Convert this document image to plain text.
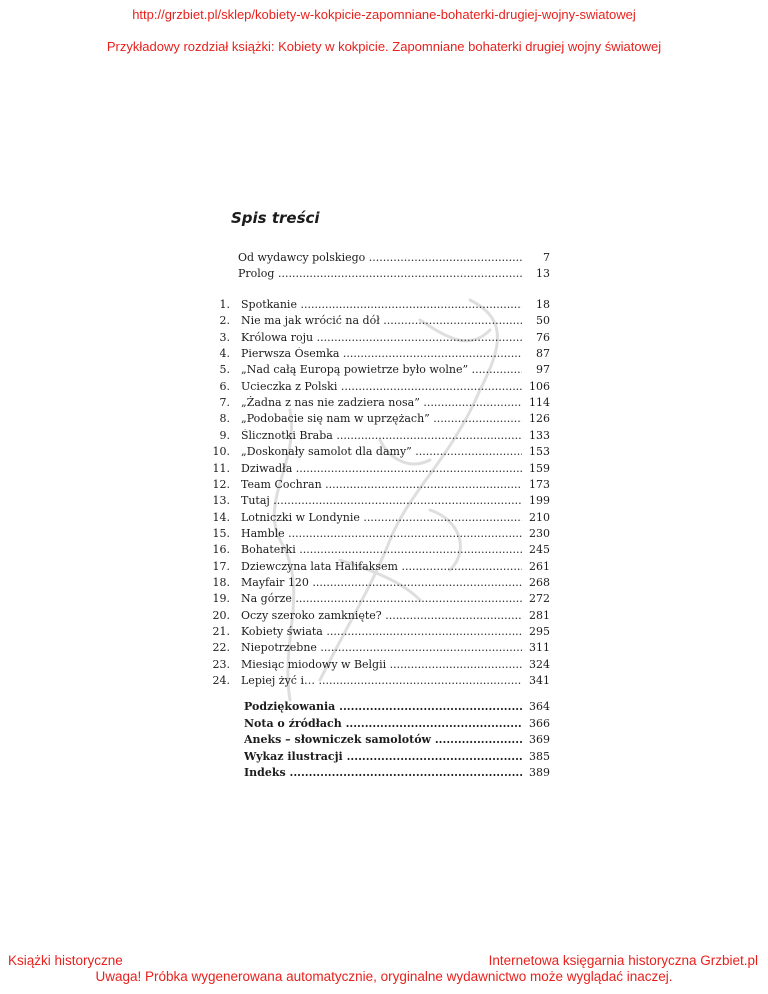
http://grzbiet.pl/sklep/kobiety-w-kokpicie-zapomniane-bohaterki-drugiej-wojny-swiatowej
Przykładowy rozdział książki: Kobiety w kokpicie. Zapomniane bohaterki drugiej wojny światowej
Spis treści
Od wydawcy polskiego .....	7
Prolog .....	13
1. Spotkanie .....	18
2. Nie ma jak wrócić na dół .....	50
3. Królowa roju .....	76
4. Pierwsza Ósemka .....	87
5. „Nad całą Europą powietrze było wolne” .....	97
6. Ucieczka z Polski .....	106
7. „Żadna z nas nie zadziera nosa” .....	114
8. „Podobacie się nam w uprzężach” .....	126
9. Ślicznotki Braba .....	133
10. „Doskonały samolot dla damy” .....	153
11. Dziwadła .....	159
12. Team Cochran .....	173
13. Tutaj .....	199
14. Lotniczki w Londynie .....	210
15. Hamble .....	230
16. Bohaterki .....	245
17. Dziewczyna lata Halifaksem .....	261
18. Mayfair 120 .....	268
19. Na górze .....	272
20. Oczy szeroko zamknięte? .....	281
21. Kobiety świata .....	295
22. Niepotrzebne .....	311
23. Miesiąc miodowy w Belgii .....	324
24. Lepiej żyć i… .....	341
Podziękowania .....	364
Nota o źródłach .....	366
Aneks – słowniczek samolotów .....	369
Wykaz ilustracji .....	385
Indeks .....	389
Książki historyczne	Internetowa księgarnia historyczna Grzbiet.pl
Uwaga! Próbka wygenerowana automatycznie, oryginalne wydawnictwo może wyglądać inaczej.
